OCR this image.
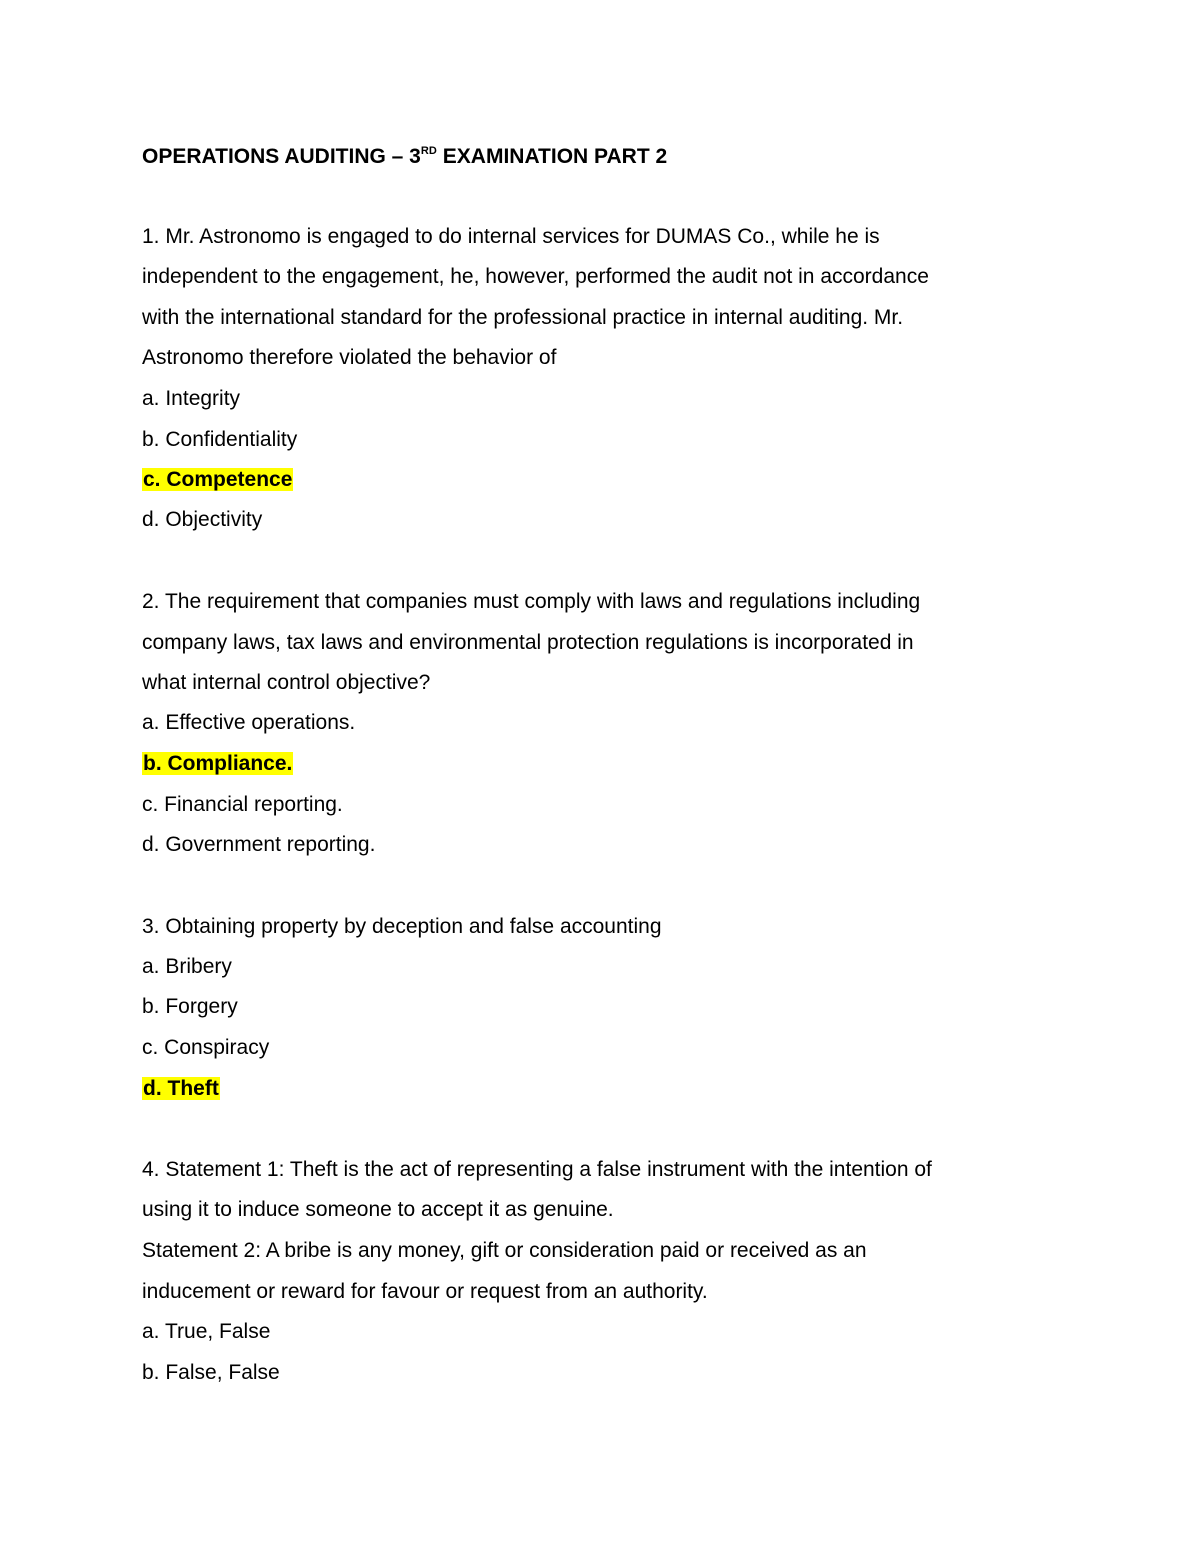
OPERATIONS AUDITING – 3RD EXAMINATION PART 2
1. Mr. Astronomo is engaged to do internal services for DUMAS Co., while he is
independent to the engagement, he, however, performed the audit not in accordance
with the international standard for the professional practice in internal auditing. Mr.
Astronomo therefore violated the behavior of
a. Integrity
b. Confidentiality
c. Competence
d. Objectivity
2. The requirement that companies must comply with laws and regulations including
company laws, tax laws and environmental protection regulations is incorporated in
what internal control objective?
a. Effective operations.
b. Compliance.
c. Financial reporting.
d. Government reporting.
3. Obtaining property by deception and false accounting
a. Bribery
b. Forgery
c. Conspiracy
d. Theft
4. Statement 1: Theft is the act of representing a false instrument with the intention of
using it to induce someone to accept it as genuine.
Statement 2: A bribe is any money, gift or consideration paid or received as an
inducement or reward for favour or request from an authority.
a. True, False
b. False, False
